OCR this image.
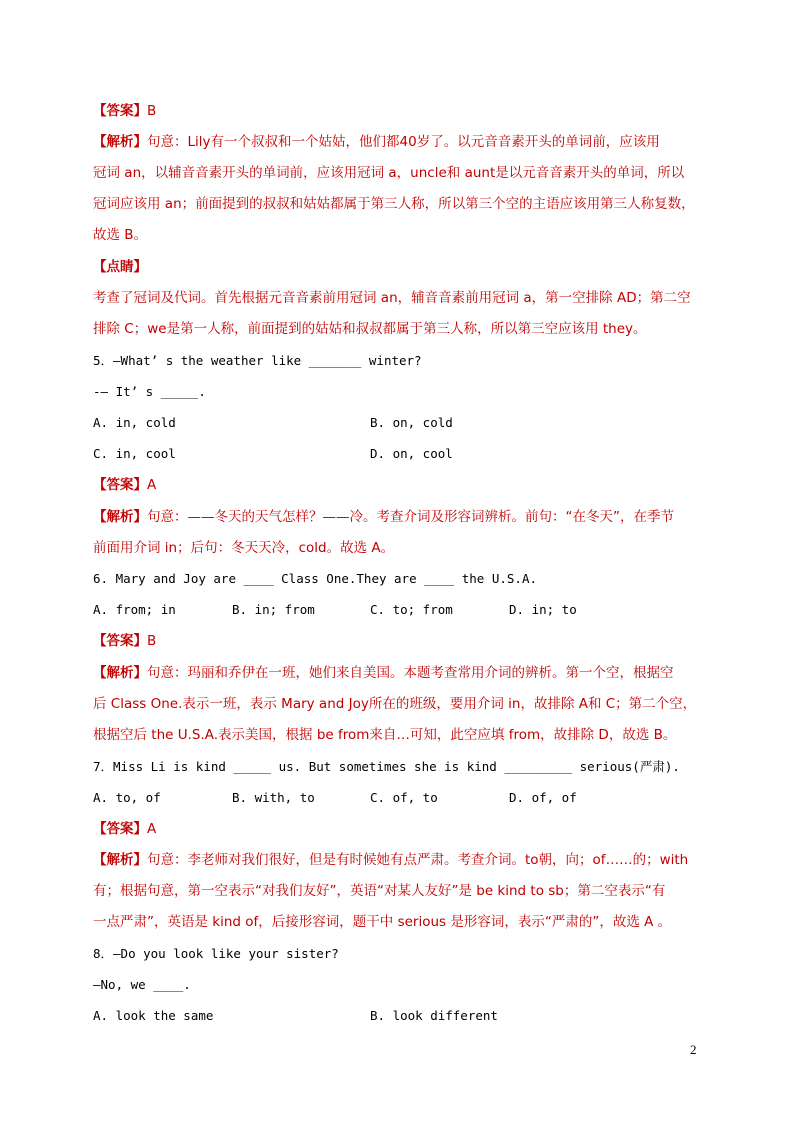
2
【答案】B
【解析】句意：Lily有一个叔叔和一个姑姑，他们都40岁了。以元音音素开头的单词前，应该用
冠词 an，以辅音音素开头的单词前，应该用冠词 a，uncle和 aunt是以元音音素开头的单词，所以
冠词应该用 an；前面提到的叔叔和姑姑都属于第三人称，所以第三个空的主语应该用第三人称复数，
故选 B。
【点睛】
考查了冠词及代词。首先根据元音音素前用冠词 an，辅音音素前用冠词 a，第一空排除 AD；第二空
排除 C；we是第一人称，前面提到的姑姑和叔叔都属于第三人称，所以第三空应该用 they。
5．—What’ s the weather like _______ winter?
-— It’ s _____.
【答案】A
【解析】句意：——冬天的天气怎样？——冷。考查介词及形容词辨析。前句：“在冬天”，在季节
前面用介词 in；后句：冬天天冷，cold。故选 A。
6. Mary and Joy are ____ Class One.They are ____ the U.S.A.
【答案】B
【解析】句意：玛丽和乔伊在一班，她们来自美国。本题考查常用介词的辨析。第一个空，根据空
后 Class One.表示一班，表示 Mary and Joy所在的班级，要用介词 in，故排除 A和 C；第二个空，
根据空后 the U.S.A.表示美国，根据 be from来自…可知，此空应填 from，故排除 D，故选 B。
7．Miss Li is kind _____ us. But sometimes she is kind _________ serious(严肃).
【答案】A
【解析】句意：李老师对我们很好，但是有时候她有点严肃。考查介词。to朝，向；of……的；with
有；根据句意，第一空表示“对我们友好”，英语“对某人友好”是 be kind to sb；第二空表示“有
一点严肃”，英语是 kind of，后接形容词，题干中 serious 是形容词，表示“严肃的”，故选 A 。
8．—Do you look like your sister?
—No, we ____.
A. in, cold	B. on, cold
C. in, cool	D. on, cool
A. from; in	B. in; from	C. to; from	D. in; to
A. to, of	B. with, to	C. of, to	D. of, of
A. look the same	B. look different
